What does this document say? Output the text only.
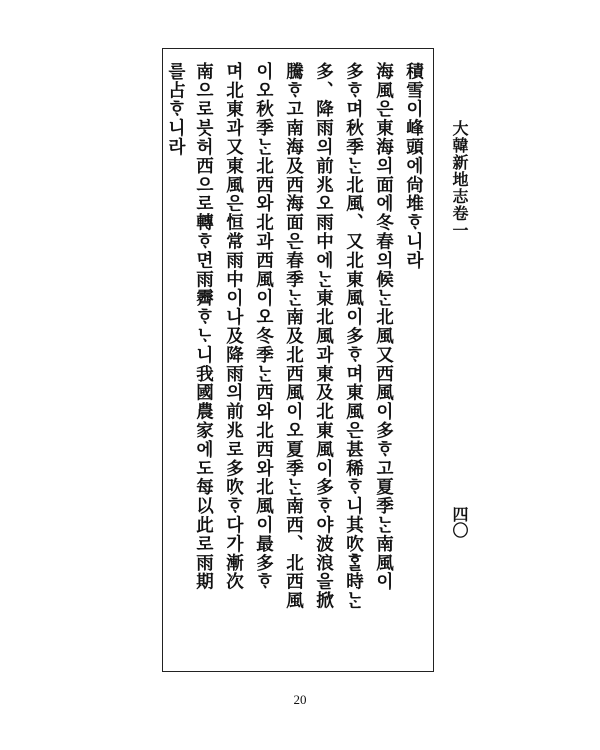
大韓新地志卷一
四〇
積雪이峰頭에尙堆ᄒᆞ니라
海風은東海의面에冬春의候ᄂᆞᆫ北風又西風이多ᄒᆞ고夏季ᄂᆞᆫ南風이
多ᄒᆞ며秋季ᄂᆞᆫ北風、又北東風이多ᄒᆞ며東風은甚稀ᄒᆞ니其吹ᄒᆞᆯ時ᄂᆞᆫ
多、降雨의前兆오雨中에ᄂᆞᆫ東北風과東及北東風이多ᄒᆞ야波浪을掀
騰ᄒᆞ고南海及西海面은春季ᄂᆞᆫ南及北西風이오夏季ᄂᆞᆫ南西、北西風
이오秋季ᄂᆞᆫ北西와北과西風이오冬季ᄂᆞᆫ西와北西와北風이最多ᄒᆞ
며北東과又東風은恒常雨中이나及降雨의前兆로多吹ᄒᆞ다가漸次
南으로븟허西으로轉ᄒᆞ면雨霽ᄒᆞᄂᆞ니我國農家에도每以此로雨期
를占ᄒᆞ니라
20
